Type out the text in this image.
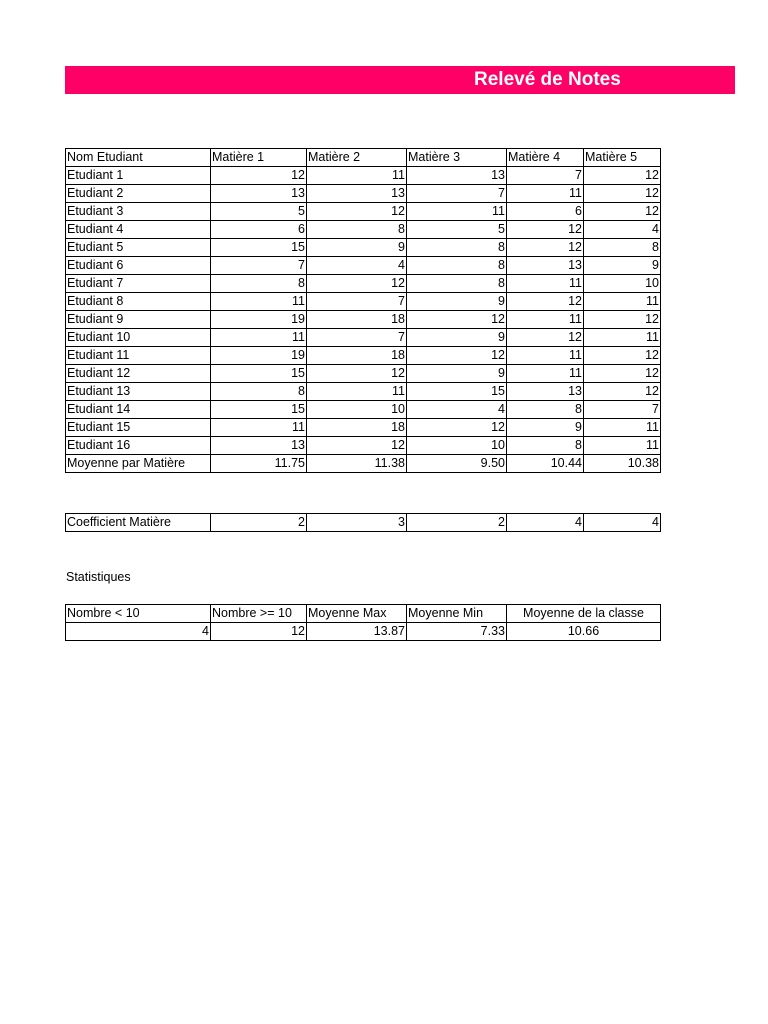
Relevé de Notes
Nom Etudiant	Matière 1	Matière 2	Matière 3	Matière 4	Matière 5
Etudiant 1	12	11	13	7	12
Etudiant 2	13	13	7	11	12
Etudiant 3	5	12	11	6	12
Etudiant 4	6	8	5	12	4
Etudiant 5	15	9	8	12	8
Etudiant 6	7	4	8	13	9
Etudiant 7	8	12	8	11	10
Etudiant 8	11	7	9	12	11
Etudiant 9	19	18	12	11	12
Etudiant 10	11	7	9	12	11
Etudiant 11	19	18	12	11	12
Etudiant 12	15	12	9	11	12
Etudiant 13	8	11	15	13	12
Etudiant 14	15	10	4	8	7
Etudiant 15	11	18	12	9	11
Etudiant 16	13	12	10	8	11
Moyenne par Matière	11.75	11.38	9.50	10.44	10.38
Coefficient Matière	2	3	2	4	4
Statistiques
Nombre < 10	Nombre >= 10	Moyenne Max	Moyenne Min	Moyenne de la classe
4	12	13.87	7.33	10.66
